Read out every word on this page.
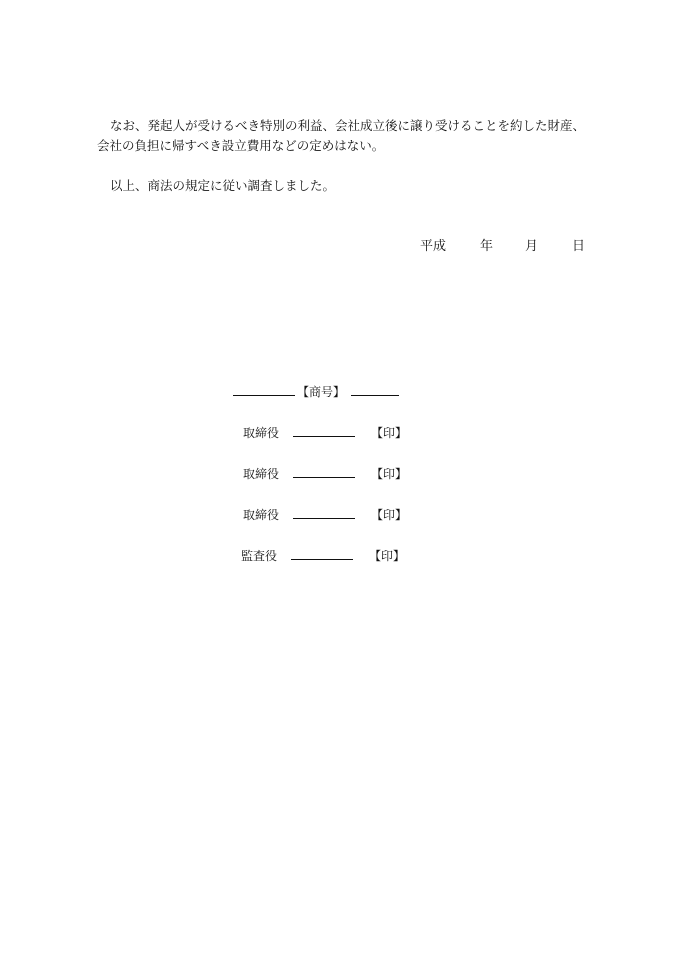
なお、発起人が受けるべき特別の利益、会社成立後に譲り受けることを約した財産、
会社の負担に帰すべき設立費用などの定めはない。

以上、商法の規定に従い調査しました。

平成	年 月	日
【商号】
取締役	【印】
取締役	【印】
取締役	【印】
監査役	【印】
